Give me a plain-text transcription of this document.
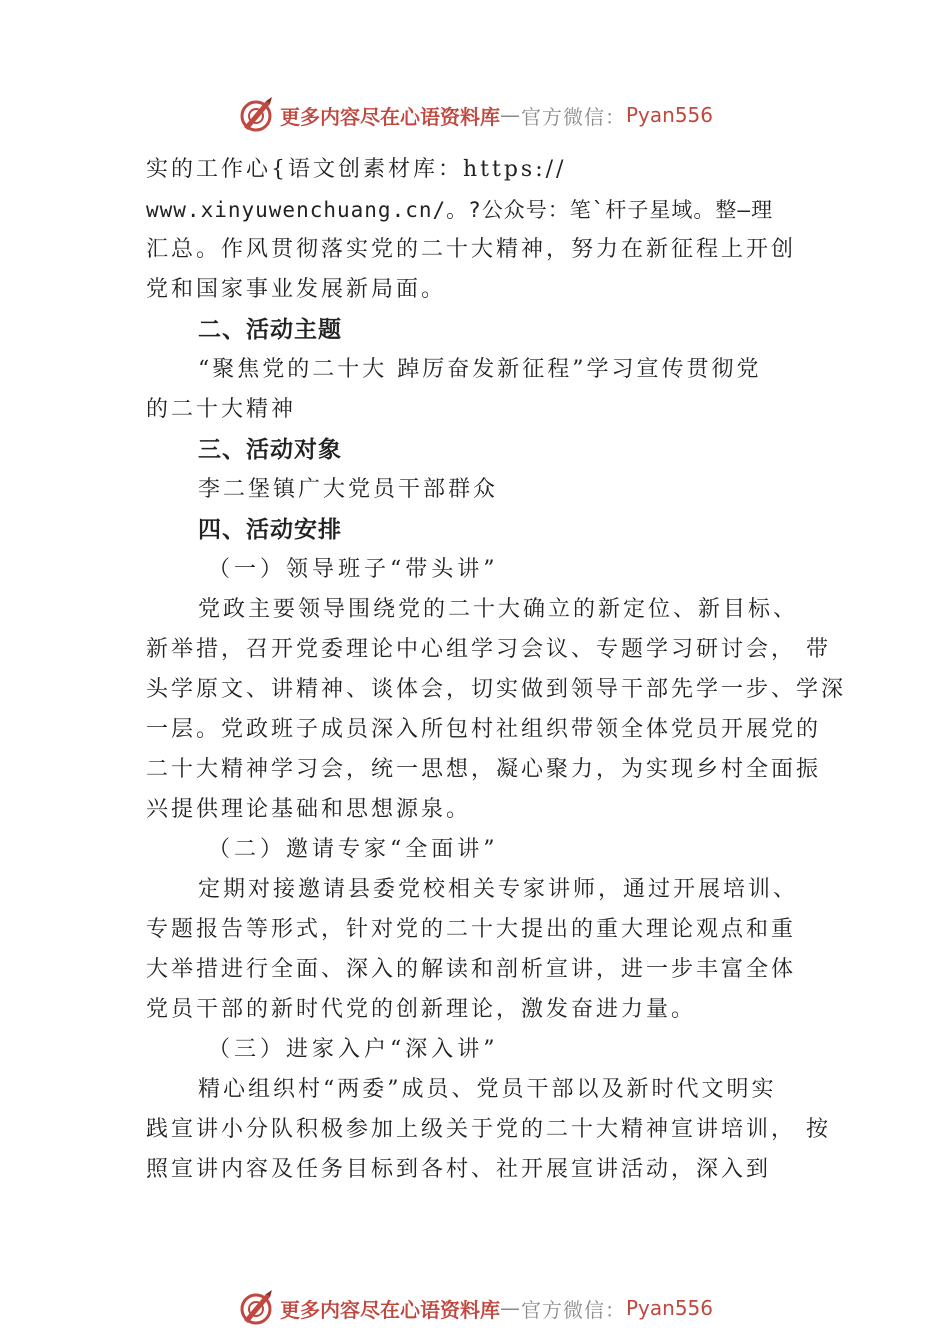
更多内容尽在心语资料库 — 官方微信： Pyan556
实的工作心{语文创素材库：https://
www.xinyuwenchuang.cn/。?公众号：笔`杆子星域。整—理
汇总。作风贯彻落实党的二十大精神，努力在新征程上开创
党和国家事业发展新局面。
二、活动主题
“聚焦党的二十大 踔厉奋发新征程”学习宣传贯彻党
的二十大精神
三、活动对象
李二堡镇广大党员干部群众
四、活动安排
（一）领导班子“带头讲”
党政主要领导围绕党的二十大确立的新定位、新目标、
新举措，召开党委理论中心组学习会议、专题学习研讨会， 带
头学原文、讲精神、谈体会，切实做到领导干部先学一步、学深
一层。党政班子成员深入所包村社组织带领全体党员开展党的
二十大精神学习会，统一思想，凝心聚力，为实现乡村全面振
兴提供理论基础和思想源泉。
（二）邀请专家“全面讲”
定期对接邀请县委党校相关专家讲师，通过开展培训、
专题报告等形式，针对党的二十大提出的重大理论观点和重
大举措进行全面、深入的解读和剖析宣讲，进一步丰富全体
党员干部的新时代党的创新理论，激发奋进力量。
（三）进家入户“深入讲”
精心组织村“两委”成员、党员干部以及新时代文明实
践宣讲小分队积极参加上级关于党的二十大精神宣讲培训， 按
照宣讲内容及任务目标到各村、社开展宣讲活动，深入到
更多内容尽在心语资料库 — 官方微信： Pyan556
